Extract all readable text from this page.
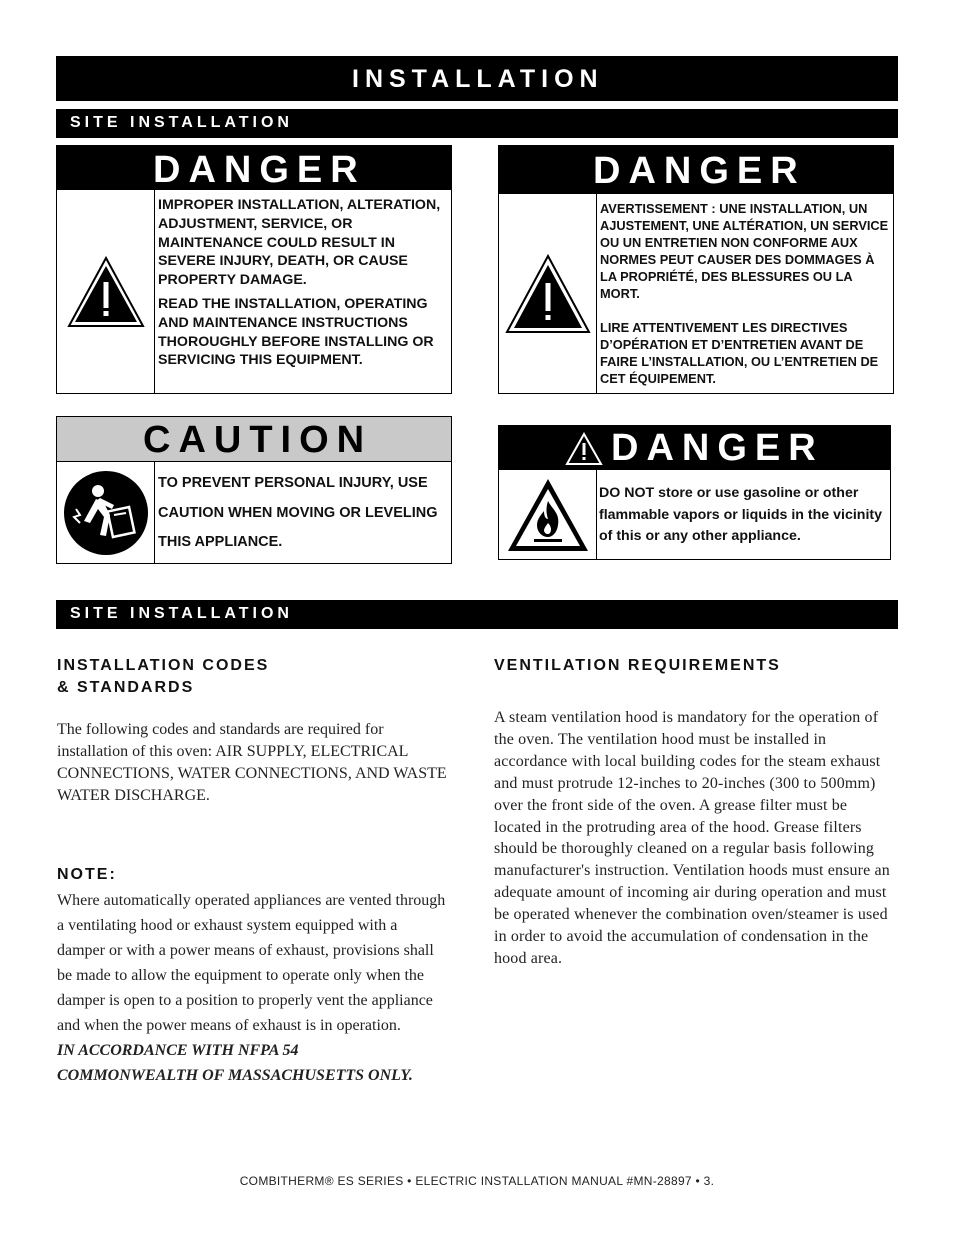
INSTALLATION
SITE INSTALLATION
DANGER

IMPROPER INSTALLATION, ALTERATION, ADJUSTMENT, SERVICE, OR MAINTENANCE COULD RESULT IN SEVERE INJURY, DEATH, OR CAUSE PROPERTY DAMAGE.

READ THE INSTALLATION, OPERATING AND MAINTENANCE INSTRUCTIONS THOROUGHLY BEFORE INSTALLING OR SERVICING THIS EQUIPMENT.

DANGER

AVERTISSEMENT : UNE INSTALLATION, UN AJUSTEMENT, UNE ALTÉRATION, UN SERVICE OU UN ENTRETIEN NON CONFORME AUX NORMES PEUT CAUSER DES DOMMAGES À LA PROPRIÉTÉ, DES BLESSURES OU LA MORT.

LIRE ATTENTIVEMENT LES DIRECTIVES D’OPÉRATION ET D’ENTRETIEN AVANT DE FAIRE L’INSTALLATION, OU L’ENTRETIEN DE CET ÉQUIPEMENT.

CAUTION

TO PREVENT PERSONAL INJURY, USE CAUTION WHEN MOVING OR LEVELING THIS APPLIANCE.

DANGER

DO NOT store or use gasoline or other flammable vapors or liquids in the vicinity of this or any other appliance.

SITE INSTALLATION
INSTALLATION CODES
& STANDARDS
The following codes and standards are required for installation of this oven: AIR SUPPLY, ELECTRICAL CONNECTIONS, WATER CONNECTIONS, AND WASTE WATER DISCHARGE.
NOTE:
Where automatically operated appliances are vented through a ventilating hood or exhaust system equipped with a damper or with a power means of exhaust, provisions shall be made to allow the equipment to operate only when the damper is open to a position to properly vent the appliance and when the power means of exhaust is in operation.
IN ACCORDANCE WITH NFPA 54
COMMONWEALTH OF MASSACHUSETTS ONLY.
VENTILATION REQUIREMENTS
A steam ventilation hood is mandatory for the operation of the oven. The ventilation hood must be installed in accordance with local building codes for the steam exhaust and must protrude 12-inches to 20-inches (300 to 500mm) over the front side of the oven. A grease filter must be located in the protruding area of the hood. Grease filters should be thoroughly cleaned on a regular basis following manufacturer's instruction. Ventilation hoods must ensure an adequate amount of incoming air during operation and must be operated whenever the combination oven/steamer is used in order to avoid the accumulation of condensation in the hood area.
COMBITHERM® ES SERIES • ELECTRIC INSTALLATION MANUAL #MN-28897 • 3.
